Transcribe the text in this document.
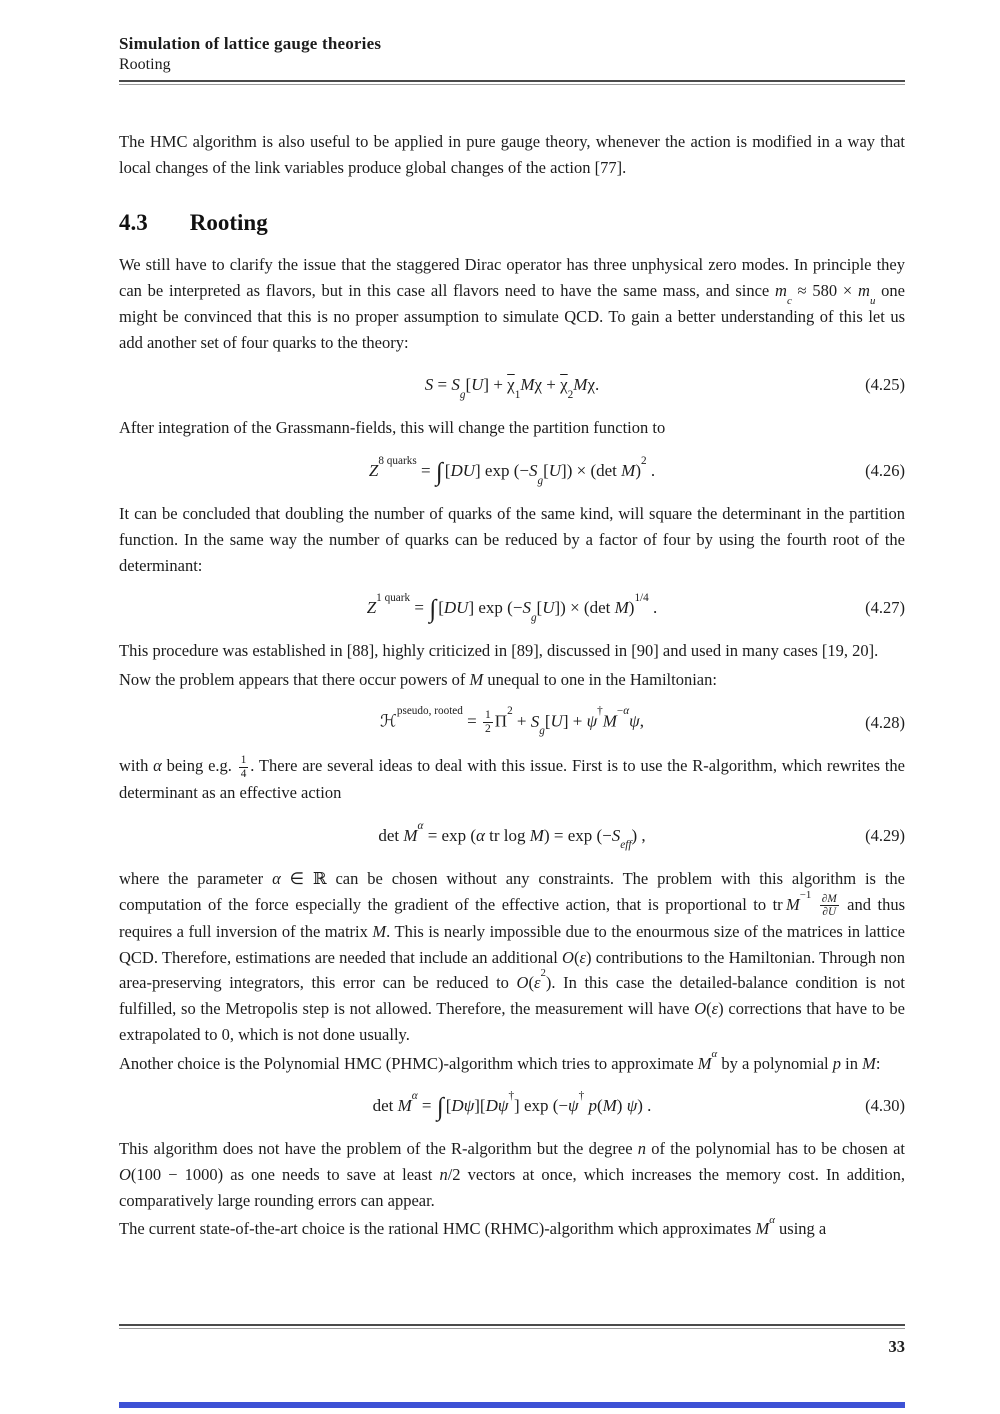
Simulation of lattice gauge theories
Rooting

The HMC algorithm is also useful to be applied in pure gauge theory, whenever the action is modified in a way that local changes of the link variables produce global changes of the action [77].

4.3 Rooting

We still have to clarify the issue that the staggered Dirac operator has three unphysical zero modes. In principle they can be interpreted as flavors, but in this case all flavors need to have the same mass, and since $m_c \approx 580 \times m_u$ one might be convinced that this is no proper assumption to simulate QCD. To gain a better understanding of this let us add another set of four quarks to the theory:

$S = S_g[U] + \overline{\chi}_1M\chi + \overline{\chi}_2M\chi$.	(4.25)

After integration of the Grassmann-fields, this will change the partition function to

$Z^{8 quarks}$ = ∫ [DU] $\exp (-S_g[U]) \times (\det$ M)$^2$ .	(4.26)

It can be concluded that doubling the number of quarks of the same kind, will square the determinant in the partition function. In the same way the number of quarks can be reduced by a factor of four by using the fourth root of the determinant:

$Z^{1 quark}$ = ∫ [DU] $\exp (-S_g[U]) \times (\det$ M)$^{1/4}$ .	(4.27)

This procedure was established in [88], highly criticized in [89], discussed in [90] and used in many cases [19, 20].

Now the problem appears that there occur powers of M unequal to one in the Hamiltonian:

ℋ$^{pseudo, rooted}$ = $\frac{1}{2} \Pi^2 + S_g[U] + \psi^\dagger M^{-\alpha}\psi$,	(4.28)

with α being e.g. $\frac{1}{4}$ . There are several ideas to deal with this issue. First is to use the R-algorithm, which rewrites the determinant as an effective action

$\det M^\alpha = \exp (\alpha$ tr $\log M) = \exp (-S_{eff})$ ,	(4.29)

where the parameter α ∈ ℝ can be chosen without any constraints. The problem with this algorithm is the computation of the force especially the gradient of the effective action, that is proportional to tr $M^{-1} \frac{\partial M}{\partial U}$ and thus requires a full inversion of the matrix M. This is nearly impossible due to the enourmous size of the matrices in lattice QCD. Therefore, estimations are needed that include an additional O(ε) contributions to the Hamiltonian. Through non area-preserving integrators, this error can be reduced to $O(\varepsilon^2)$. In this case the detailed-balance condition is not fulfilled, so the Metropolis step is not allowed. Therefore, the measurement will have O(ε) corrections that have to be extrapolated to 0, which is not done usually.

Another choice is the Polynomial HMC (PHMC)-algorithm which tries to approximate $M^\alpha$ by a polynomial p in M:

$\det M^\alpha$ = ∫ [Dψ][Dψ†] exp (−ψ† p(M) ψ) .	(4.30)

This algorithm does not have the problem of the R-algorithm but the degree n of the polynomial has to be chosen at O(100 − 1000) as one needs to save at least n/2 vectors at once, which increases the memory cost. In addition, comparatively large rounding errors can appear.

The current state-of-the-art choice is the rational HMC (RHMC)-algorithm which approximates $M^\alpha$ using a

33
